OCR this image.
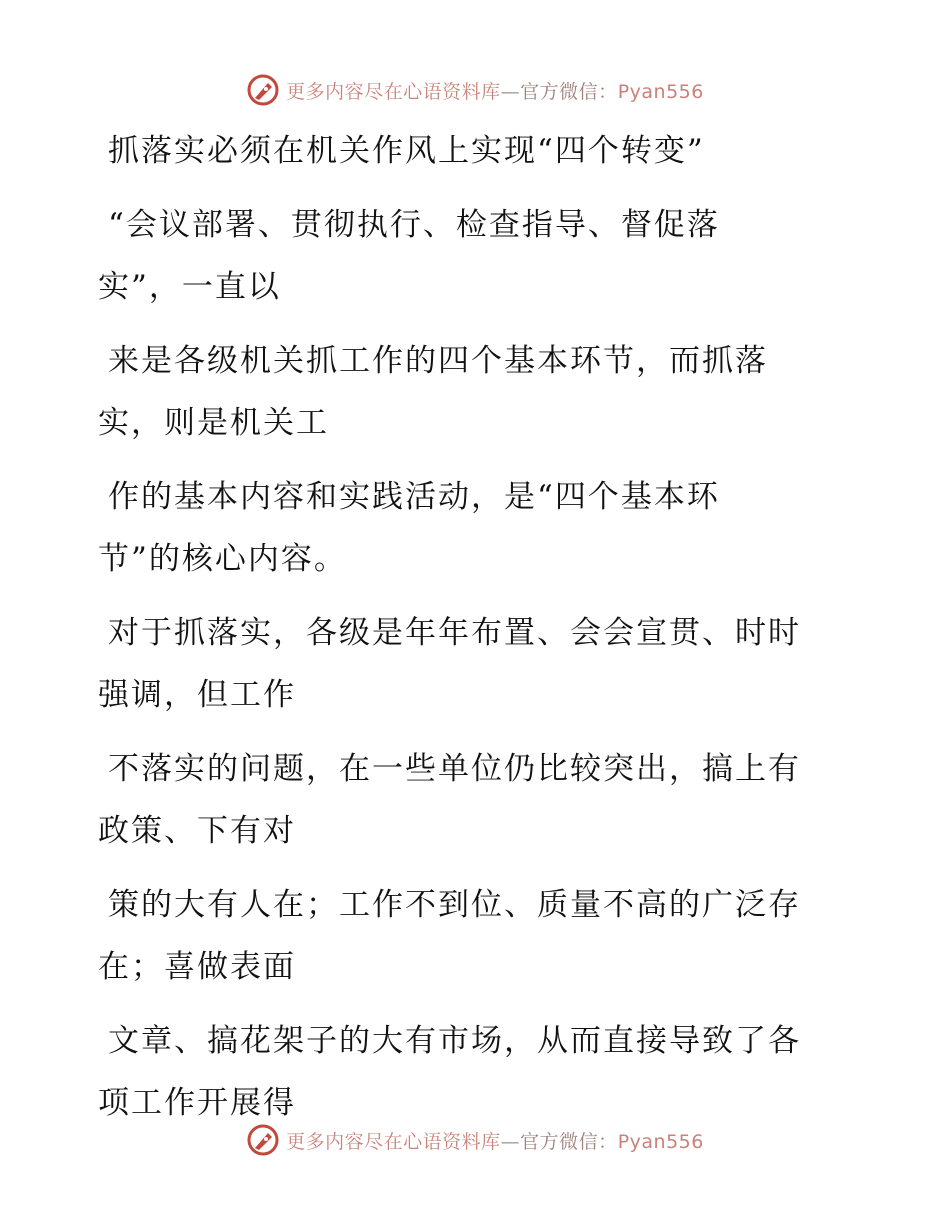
更多内容尽在心语资料库—官方微信：Pyan556
抓落实必须在机关作风上实现“四个转变”
“会议部署、贯彻执行、检查指导、督促落
实”，一直以
来是各级机关抓工作的四个基本环节，而抓落
实，则是机关工
作的基本内容和实践活动，是“四个基本环
节”的核心内容。
对于抓落实，各级是年年布置、会会宣贯、时时
强调，但工作
不落实的问题，在一些单位仍比较突出，搞上有
政策、下有对
策的大有人在；工作不到位、质量不高的广泛存
在；喜做表面
文章、搞花架子的大有市场，从而直接导致了各
项工作开展得
更多内容尽在心语资料库—官方微信：Pyan556
